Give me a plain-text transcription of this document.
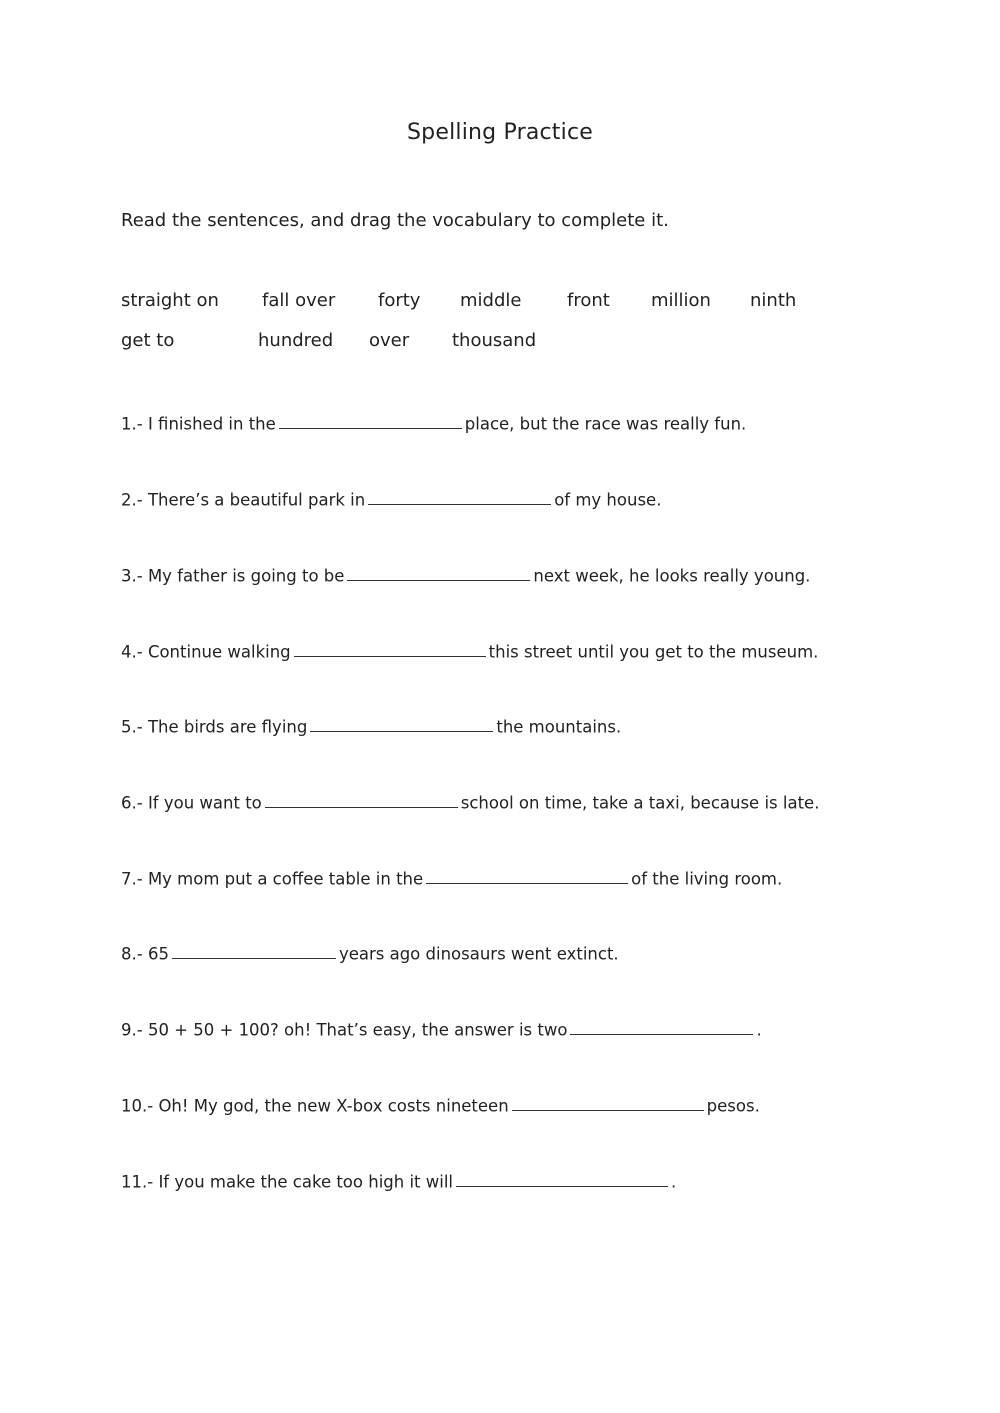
Spelling Practice

Read the sentences, and drag the vocabulary to complete it.

straight on fall over forty middle	front million ninth
get to	hundred over thousand

1.- I finished in the	place, but the race was really fun.

2.- There’s a beautiful park in	of my house.

3.- My father is going to be	next week, he looks really young.

4.- Continue walking	this street until you get to the museum.

5.- The birds are flying	the mountains.

6.- If you want to	school on time, take a taxi, because is late.

7.- My mom put a coffee table in the	of the living room.

8.- 65	years ago dinosaurs went extinct.

9.- 50 + 50 + 100? oh! That’s easy, the answer is two	.

10.- Oh! My god, the new X-box costs nineteen	pesos.

11.- If you make the cake too high it will	.
